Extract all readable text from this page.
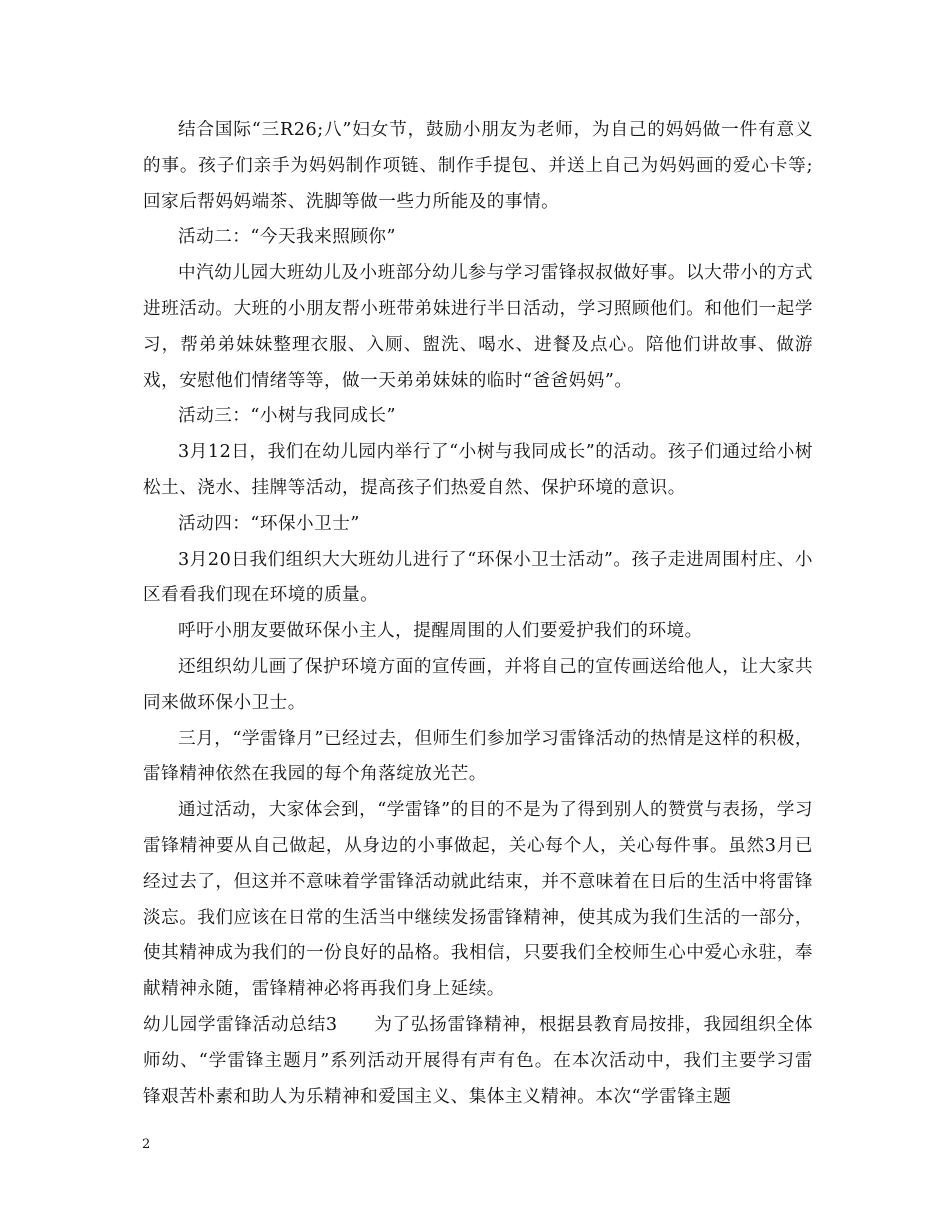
结合国际“三R26;八”妇女节，鼓励小朋友为老师，为自己的妈妈做一件有意义的事。孩子们亲手为妈妈制作项链、制作手提包、并送上自己为妈妈画的爱心卡等;回家后帮妈妈端茶、洗脚等做一些力所能及的事情。

活动二：“今天我来照顾你”

中汽幼儿园大班幼儿及小班部分幼儿参与学习雷锋叔叔做好事。以大带小的方式进班活动。大班的小朋友帮小班带弟妹进行半日活动，学习照顾他们。和他们一起学习，帮弟弟妹妹整理衣服、入厕、盥洗、喝水、进餐及点心。陪他们讲故事、做游戏，安慰他们情绪等等，做一天弟弟妹妹的临时“爸爸妈妈”。

活动三：“小树与我同成长”

3月12日，我们在幼儿园内举行了“小树与我同成长”的活动。孩子们通过给小树松土、浇水、挂牌等活动，提高孩子们热爱自然、保护环境的意识。

活动四：“环保小卫士”

3月20日我们组织大大班幼儿进行了“环保小卫士活动”。孩子走进周围村庄、小区看看我们现在环境的质量。

呼吁小朋友要做环保小主人，提醒周围的人们要爱护我们的环境。

还组织幼儿画了保护环境方面的宣传画，并将自己的宣传画送给他人，让大家共同来做环保小卫士。

三月，“学雷锋月”已经过去，但师生们参加学习雷锋活动的热情是这样的积极，雷锋精神依然在我园的每个角落绽放光芒。

通过活动，大家体会到，“学雷锋”的目的不是为了得到别人的赞赏与表扬，学习雷锋精神要从自己做起，从身边的小事做起，关心每个人，关心每件事。虽然3月已经过去了，但这并不意味着学雷锋活动就此结束，并不意味着在日后的生活中将雷锋淡忘。我们应该在日常的生活当中继续发扬雷锋精神，使其成为我们生活的一部分，使其精神成为我们的一份良好的品格。我相信，只要我们全校师生心中爱心永驻，奉献精神永随，雷锋精神必将再我们身上延续。

幼儿园学雷锋活动总结3　　为了弘扬雷锋精神，根据县教育局按排，我园组织全体师幼、“学雷锋主题月”系列活动开展得有声有色。在本次活动中，我们主要学习雷锋艰苦朴素和助人为乐精神和爱国主义、集体主义精神。本次“学雷锋主题

2
